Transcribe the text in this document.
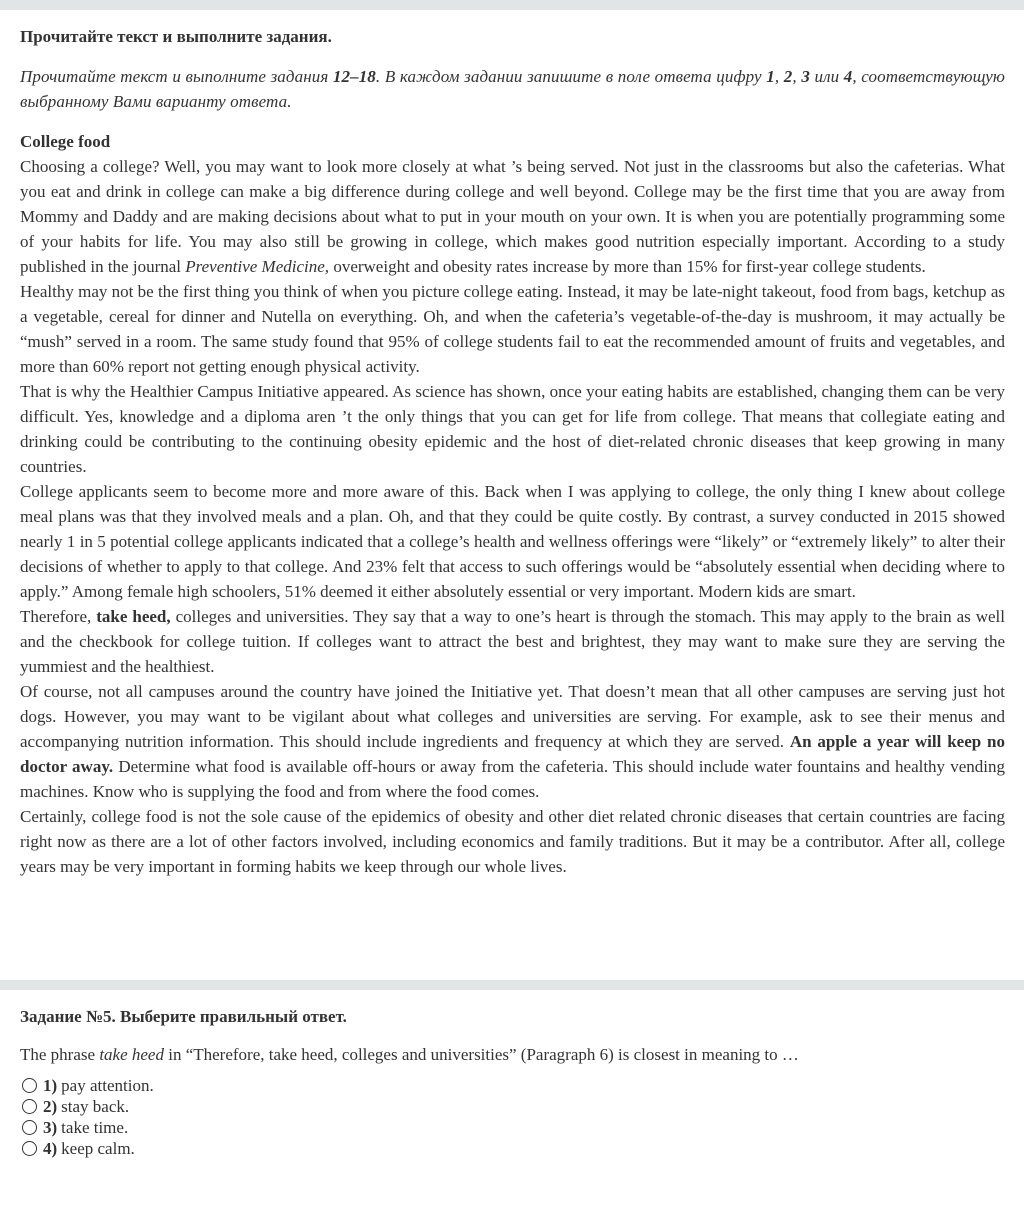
Прочитайте текст и выполните задания.
Прочитайте текст и выполните задания 12–18. В каждом задании запишите в поле ответа цифру 1, 2, 3 или 4, соответствующую выбранному Вами варианту ответа.
College food

Choosing a college? Well, you may want to look more closely at what ’s being served. Not just in the classrooms but also the cafeterias. What you eat and drink in college can make a big difference during college and well beyond. College may be the first time that you are away from Mommy and Daddy and are making decisions about what to put in your mouth on your own. It is when you are potentially programming some of your habits for life. You may also still be growing in college, which makes good nutrition especially important. According to a study published in the journal Preventive Medicine, overweight and obesity rates increase by more than 15% for first-year college students.

Healthy may not be the first thing you think of when you picture college eating. Instead, it may be late-night takeout, food from bags, ketchup as a vegetable, cereal for dinner and Nutella on everything. Oh, and when the cafeteria’s vegetable-of-the-day is mushroom, it may actually be “mush” served in a room. The same study found that 95% of college students fail to eat the recommended amount of fruits and vegetables, and more than 60% report not getting enough physical activity.

That is why the Healthier Campus Initiative appeared. As science has shown, once your eating habits are established, changing them can be very difficult. Yes, knowledge and a diploma aren ’t the only things that you can get for life from college. That means that collegiate eating and drinking could be contributing to the continuing obesity epidemic and the host of diet-related chronic diseases that keep growing in many countries.

College applicants seem to become more and more aware of this. Back when I was applying to college, the only thing I knew about college meal plans was that they involved meals and a plan. Oh, and that they could be quite costly. By contrast, a survey conducted in 2015 showed nearly 1 in 5 potential college applicants indicated that a college’s health and wellness offerings were “likely” or “extremely likely” to alter their decisions of whether to apply to that college. And 23% felt that access to such offerings would be “absolutely essential when deciding where to apply.” Among female high schoolers, 51% deemed it either absolutely essential or very important. Modern kids are smart.

Therefore, take heed, colleges and universities. They say that a way to one’s heart is through the stomach. This may apply to the brain as well and the checkbook for college tuition. If colleges want to attract the best and brightest, they may want to make sure they are serving the yummiest and the healthiest.

Of course, not all campuses around the country have joined the Initiative yet. That doesn’t mean that all other campuses are serving just hot dogs. However, you may want to be vigilant about what colleges and universities are serving. For example, ask to see their menus and accompanying nutrition information. This should include ingredients and frequency at which they are served. An apple a year will keep no doctor away. Determine what food is available off-hours or away from the cafeteria. This should include water fountains and healthy vending machines. Know who is supplying the food and from where the food comes.

Certainly, college food is not the sole cause of the epidemics of obesity and other diet related chronic diseases that certain countries are facing right now as there are a lot of other factors involved, including economics and family traditions. But it may be a contributor. After all, college years may be very important in forming habits we keep through our whole lives.

Задание №5. Выберите правильный ответ.
The phrase take heed in “Therefore, take heed, colleges and universities” (Paragraph 6) is closest in meaning to …
1) pay attention.
2) stay back.
3) take time.
4) keep calm.
